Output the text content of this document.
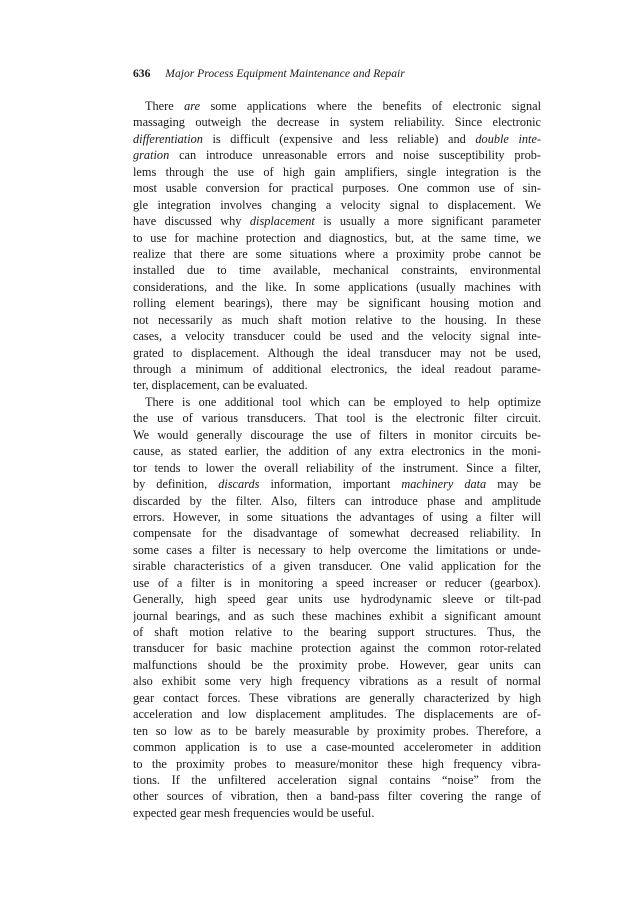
636 Major Process Equipment Maintenance and Repair
There are some applications where the benefits of electronic signal
massaging outweigh the decrease in system reliability. Since electronic
differentiation is difficult (expensive and less reliable) and double inte-
gration can introduce unreasonable errors and noise susceptibility prob-
lems through the use of high gain amplifiers, single integration is the
most usable conversion for practical purposes. One common use of sin-
gle integration involves changing a velocity signal to displacement. We
have discussed why displacement is usually a more significant parameter
to use for machine protection and diagnostics, but, at the same time, we
realize that there are some situations where a proximity probe cannot be
installed due to time available, mechanical constraints, environmental
considerations, and the like. In some applications (usually machines with
rolling element bearings), there may be significant housing motion and
not necessarily as much shaft motion relative to the housing. In these
cases, a velocity transducer could be used and the velocity signal inte-
grated to displacement. Although the ideal transducer may not be used,
through a minimum of additional electronics, the ideal readout parame-
ter, displacement, can be evaluated.
There is one additional tool which can be employed to help optimize
the use of various transducers. That tool is the electronic filter circuit.
We would generally discourage the use of filters in monitor circuits be-
cause, as stated earlier, the addition of any extra electronics in the moni-
tor tends to lower the overall reliability of the instrument. Since a filter,
by definition, discards information, important machinery data may be
discarded by the filter. Also, filters can introduce phase and amplitude
errors. However, in some situations the advantages of using a filter will
compensate for the disadvantage of somewhat decreased reliability. In
some cases a filter is necessary to help overcome the limitations or unde-
sirable characteristics of a given transducer. One valid application for the
use of a filter is in monitoring a speed increaser or reducer (gearbox).
Generally, high speed gear units use hydrodynamic sleeve or tilt-pad
journal bearings, and as such these machines exhibit a significant amount
of shaft motion relative to the bearing support structures. Thus, the
transducer for basic machine protection against the common rotor-related
malfunctions should be the proximity probe. However, gear units can
also exhibit some very high frequency vibrations as a result of normal
gear contact forces. These vibrations are generally characterized by high
acceleration and low displacement amplitudes. The displacements are of-
ten so low as to be barely measurable by proximity probes. Therefore, a
common application is to use a case-mounted accelerometer in addition
to the proximity probes to measure/monitor these high frequency vibra-
tions. If the unfiltered acceleration signal contains “noise” from the
other sources of vibration, then a band-pass filter covering the range of
expected gear mesh frequencies would be useful.
